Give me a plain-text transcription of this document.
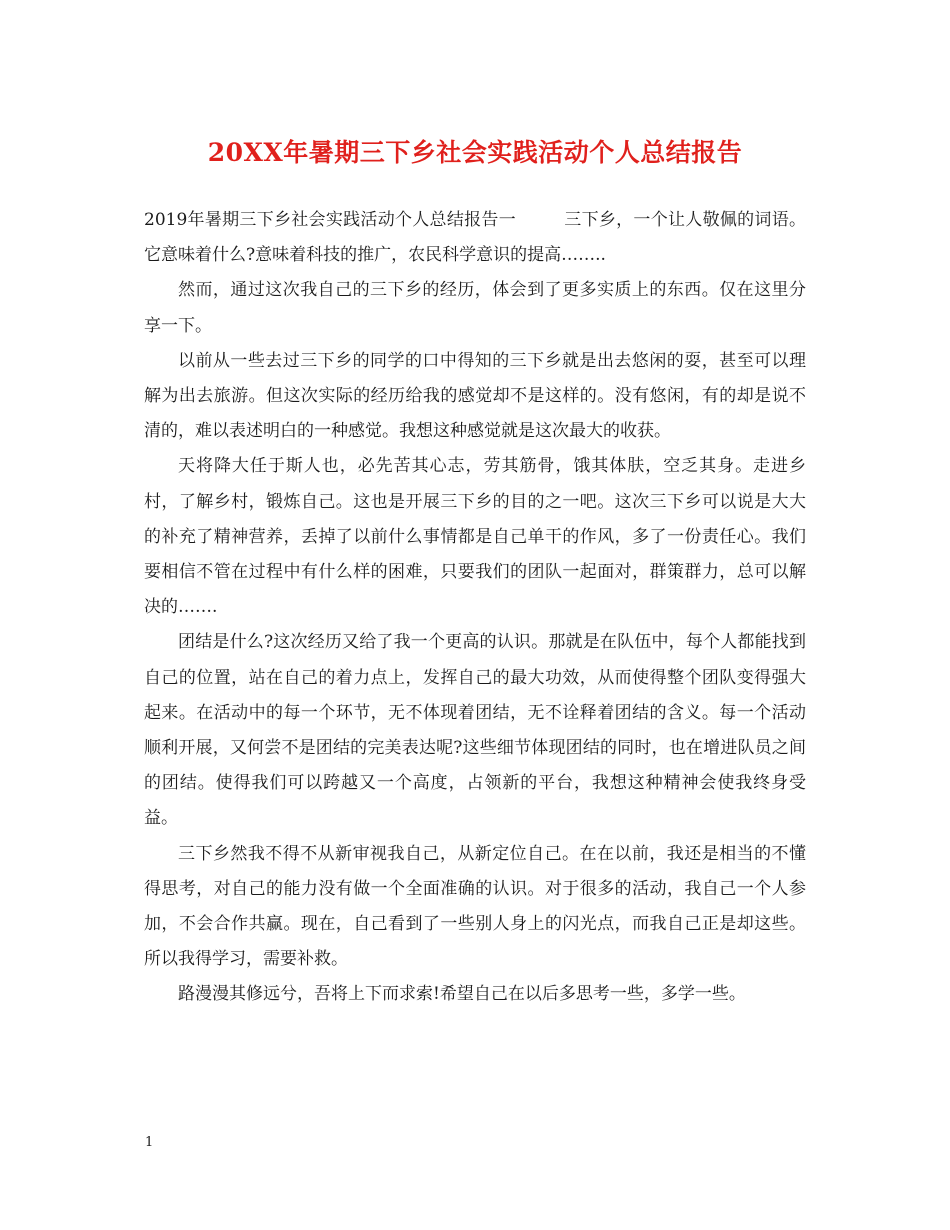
20XX年暑期三下乡社会实践活动个人总结报告

2019年暑期三下乡社会实践活动个人总结报告一	三下乡，一个让人敬佩的词语。它意味着什么?意味着科技的推广，农民科学意识的提高……..

然而，通过这次我自己的三下乡的经历，体会到了更多实质上的东西。仅在这里分享一下。

以前从一些去过三下乡的同学的口中得知的三下乡就是出去悠闲的耍，甚至可以理解为出去旅游。但这次实际的经历给我的感觉却不是这样的。没有悠闲，有的却是说不清的，难以表述明白的一种感觉。我想这种感觉就是这次最大的收获。

天将降大任于斯人也，必先苦其心志，劳其筋骨，饿其体肤，空乏其身。走进乡村，了解乡村，锻炼自己。这也是开展三下乡的目的之一吧。这次三下乡可以说是大大的补充了精神营养，丢掉了以前什么事情都是自己单干的作风，多了一份责任心。我们要相信不管在过程中有什么样的困难，只要我们的团队一起面对，群策群力，总可以解决的…….

团结是什么?这次经历又给了我一个更高的认识。那就是在队伍中，每个人都能找到自己的位置，站在自己的着力点上，发挥自己的最大功效，从而使得整个团队变得强大起来。在活动中的每一个环节，无不体现着团结，无不诠释着团结的含义。每一个活动顺利开展，又何尝不是团结的完美表达呢?这些细节体现团结的同时，也在增进队员之间的团结。使得我们可以跨越又一个高度，占领新的平台，我想这种精神会使我终身受益。

三下乡然我不得不从新审视我自己，从新定位自己。在在以前，我还是相当的不懂得思考，对自己的能力没有做一个全面准确的认识。对于很多的活动，我自己一个人参加，不会合作共赢。现在，自己看到了一些别人身上的闪光点，而我自己正是却这些。所以我得学习，需要补救。

路漫漫其修远兮，吾将上下而求索!希望自己在以后多思考一些，多学一些。

1
